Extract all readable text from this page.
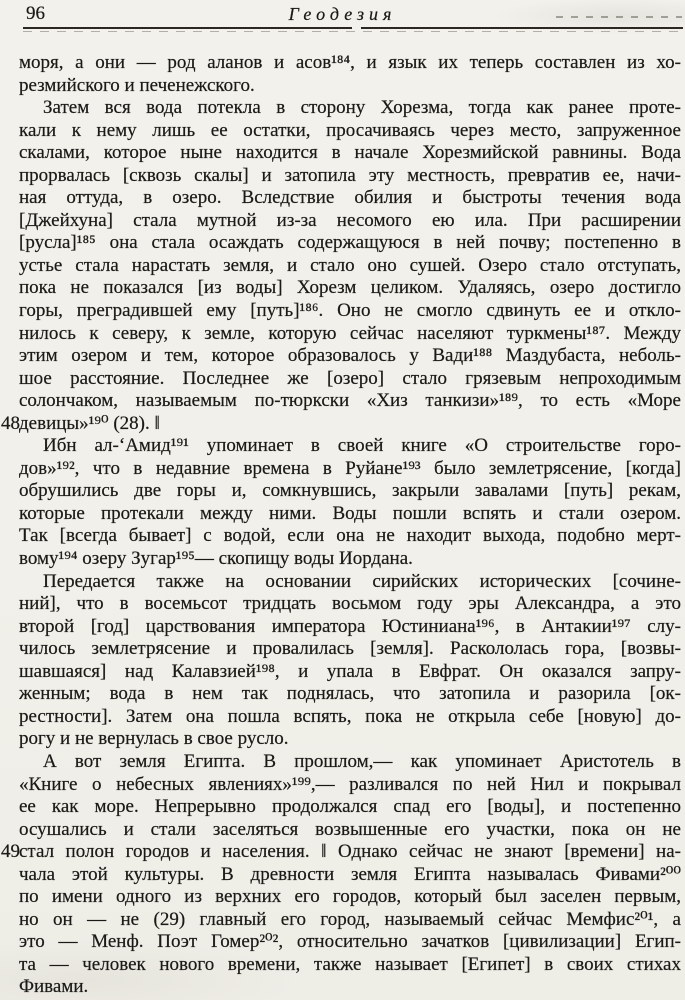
96	Геодезия
моря, а они — род аланов и асов¹⁸⁴, и язык их теперь составлен из хо-
резмийского и печенежского.
Затем вся вода потекла в сторону Хорезма, тогда как ранее проте-
кали к нему лишь ее остатки, просачиваясь через место, запруженное
скалами, которое ныне находится в начале Хорезмийской равнины. Вода
прорвалась [сквозь скалы] и затопила эту местность, превратив ее, начи-
ная оттуда, в озеро. Вследствие обилия и быстроты течения вода
[Джейхуна] стала мутной из-за несомого ею ила. При расширении
[русла]¹⁸⁵ она стала осаждать содержащуюся в ней почву; постепенно в
устье стала нарастать земля, и стало оно сушей. Озеро стало отступать,
пока не показался [из воды] Хорезм целиком. Удаляясь, озеро достигло
горы, преградившей ему [путь]¹⁸⁶. Оно не смогло сдвинуть ее и откло-
нилось к северу, к земле, которую сейчас населяют туркмены¹⁸⁷. Между
этим озером и тем, которое образовалось у Вади¹⁸⁸ Маздубаста, неболь-
шое расстояние. Последнее же [озеро] стало грязевым непроходимым
солончаком, называемым по-тюркски «Хиз танкизи»¹⁸⁹, то есть «Море
девицы»¹⁹⁰ (28). ‖
Ибн ал-‘Амид¹⁹¹ упоминает в своей книге «О строительстве горо-
дов»¹⁹², что в недавние времена в Руйане¹⁹³ было землетрясение, [когда]
обрушились две горы и, сомкнувшись, закрыли завалами [путь] рекам,
которые протекали между ними. Воды пошли вспять и стали озером.
Так [всегда бывает] с водой, если она не находит выхода, подобно мерт-
вому¹⁹⁴ озеру Зугар¹⁹⁵— скопищу воды Иордана.
Передается также на основании сирийских исторических [сочине-
ний], что в восемьсот тридцать восьмом году эры Александра, а это
второй [год] царствования императора Юстиниана¹⁹⁶, в Антакии¹⁹⁷ слу-
чилось землетрясение и провалилась [земля]. Раскололась гора, [возвы-
шавшаяся] над Калавзией¹⁹⁸, и упала в Евфрат. Он оказался запру-
женным; вода в нем так поднялась, что затопила и разорила [ок-
рестности]. Затем она пошла вспять, пока не открыла себе [новую] до-
рогу и не вернулась в свое русло.
А вот земля Египта. В прошлом,— как упоминает Аристотель в
«Книге о небесных явлениях»¹⁹⁹,— разливался по ней Нил и покрывал
ее как море. Непрерывно продолжался спад его [воды], и постепенно
осушались и стали заселяться возвышенные его участки, пока он не
стал полон городов и населения. ‖ Однако сейчас не знают [времени] на-
чала этой культуры. В древности земля Египта называлась Фивами²⁰⁰
по имени одного из верхних его городов, который был заселен первым,
но он — не (29) главный его город, называемый сейчас Мемфис²⁰¹, а
это — Менф. Поэт Гомер²⁰², относительно зачатков [цивилизации] Егип-
та — человек нового времени, также называет [Египет] в своих стихах
Фивами.
48
49
